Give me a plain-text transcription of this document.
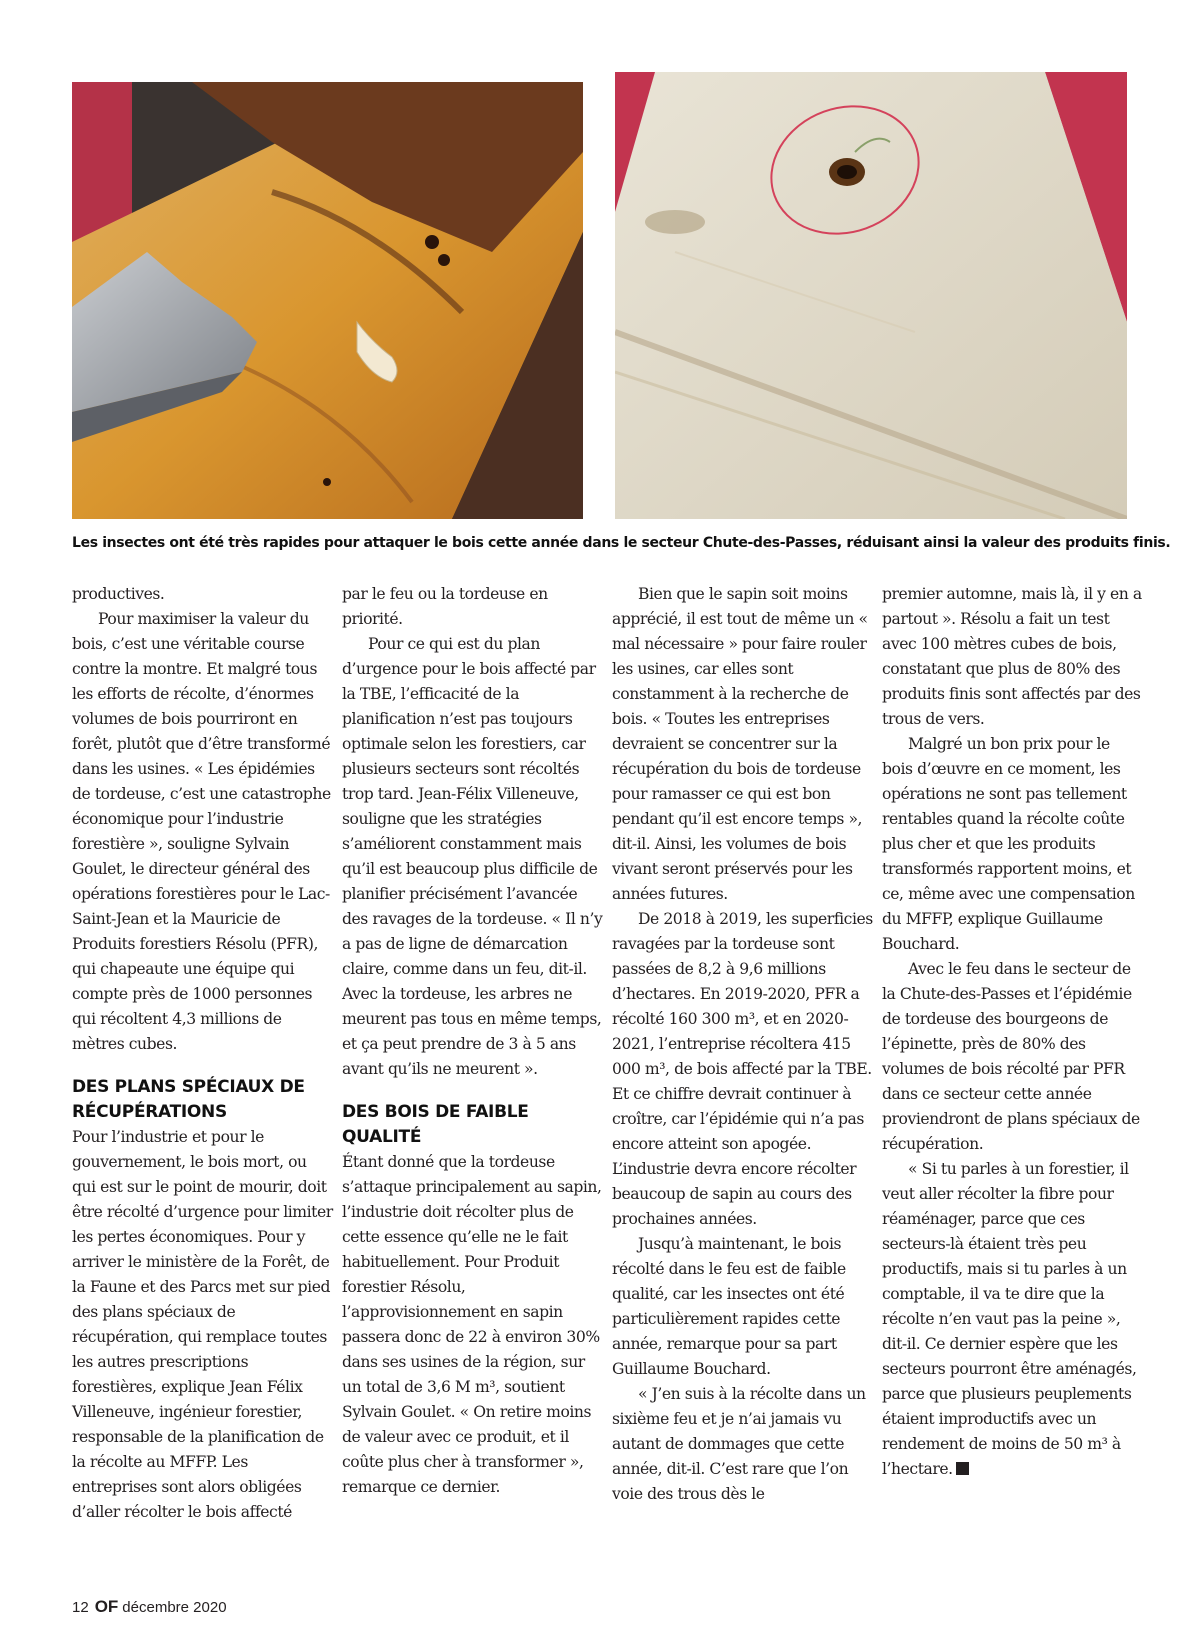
Les insectes ont été très rapides pour attaquer le bois cette année dans le secteur Chute-des-Passes, réduisant ainsi la valeur des produits finis.

productives.

Pour maximiser la valeur du bois, c’est une véritable course contre la montre. Et malgré tous les efforts de récolte, d’énormes volumes de bois pourriront en forêt, plutôt que d’être transformé dans les usines. « Les épidémies de tordeuse, c’est une catastrophe économique pour l’industrie forestière », souligne Sylvain Goulet, le directeur général des opérations forestières pour le Lac-Saint-Jean et la Mauricie de Produits forestiers Résolu (PFR), qui chapeaute une équipe qui compte près de 1000 personnes qui récoltent 4,3 millions de mètres cubes.

DES PLANS SPÉCIAUX DE RÉCUPÉRATIONS

Pour l’industrie et pour le gouvernement, le bois mort, ou qui est sur le point de mourir, doit être récolté d’urgence pour limiter les pertes économiques. Pour y arriver le ministère de la Forêt, de la Faune et des Parcs met sur pied des plans spéciaux de récupération, qui remplace toutes les autres prescriptions forestières, explique Jean Félix Villeneuve, ingénieur forestier, responsable de la planification de la récolte au MFFP. Les entreprises sont alors obligées d’aller récolter le bois affecté

par le feu ou la tordeuse en priorité.

Pour ce qui est du plan d’urgence pour le bois affecté par la TBE, l’efficacité de la planification n’est pas toujours optimale selon les forestiers, car plusieurs secteurs sont récoltés trop tard. Jean-Félix Villeneuve, souligne que les stratégies s’améliorent constamment mais qu’il est beaucoup plus difficile de planifier précisément l’avancée des ravages de la tordeuse. « Il n’y a pas de ligne de démarcation claire, comme dans un feu, dit-il. Avec la tordeuse, les arbres ne meurent pas tous en même temps, et ça peut prendre de 3 à 5 ans avant qu’ils ne meurent ».

DES BOIS DE FAIBLE QUALITÉ

Étant donné que la tordeuse s’attaque principalement au sapin, l’industrie doit récolter plus de cette essence qu’elle ne le fait habituellement. Pour Produit forestier Résolu, l’approvisionnement en sapin passera donc de 22 à environ 30% dans ses usines de la région, sur un total de 3,6 M m³, soutient Sylvain Goulet. « On retire moins de valeur avec ce produit, et il coûte plus cher à transformer », remarque ce dernier.

Bien que le sapin soit moins apprécié, il est tout de même un « mal nécessaire » pour faire rouler les usines, car elles sont constamment à la recherche de bois. « Toutes les entreprises devraient se concentrer sur la récupération du bois de tordeuse pour ramasser ce qui est bon pendant qu’il est encore temps », dit-il. Ainsi, les volumes de bois vivant seront préservés pour les années futures.

De 2018 à 2019, les superficies ravagées par la tordeuse sont passées de 8,2 à 9,6 millions d’hectares. En 2019-2020, PFR a récolté 160 300 m³, et en 2020-2021, l’entreprise récoltera 415 000 m³, de bois affecté par la TBE. Et ce chiffre devrait continuer à croître, car l’épidémie qui n’a pas encore atteint son apogée. L’industrie devra encore récolter beaucoup de sapin au cours des prochaines années.

Jusqu’à maintenant, le bois récolté dans le feu est de faible qualité, car les insectes ont été particulièrement rapides cette année, remarque pour sa part Guillaume Bouchard.

« J’en suis à la récolte dans un sixième feu et je n’ai jamais vu autant de dommages que cette année, dit-il. C’est rare que l’on voie des trous dès le

premier automne, mais là, il y en a partout ». Résolu a fait un test avec 100 mètres cubes de bois, constatant que plus de 80% des produits finis sont affectés par des trous de vers.

Malgré un bon prix pour le bois d’œuvre en ce moment, les opérations ne sont pas tellement rentables quand la récolte coûte plus cher et que les produits transformés rapportent moins, et ce, même avec une compensation du MFFP, explique Guillaume Bouchard.

Avec le feu dans le secteur de la Chute-des-Passes et l’épidémie de tordeuse des bourgeons de l’épinette, près de 80% des volumes de bois récolté par PFR dans ce secteur cette année proviendront de plans spéciaux de récupération.

« Si tu parles à un forestier, il veut aller récolter la fibre pour réaménager, parce que ces secteurs-là étaient très peu productifs, mais si tu parles à un comptable, il va te dire que la récolte n’en vaut pas la peine », dit-il. Ce dernier espère que les secteurs pourront être aménagés, parce que plusieurs peuplements étaient improductifs avec un rendement de moins de 50 m³ à l’hectare.

12 OF décembre 2020
